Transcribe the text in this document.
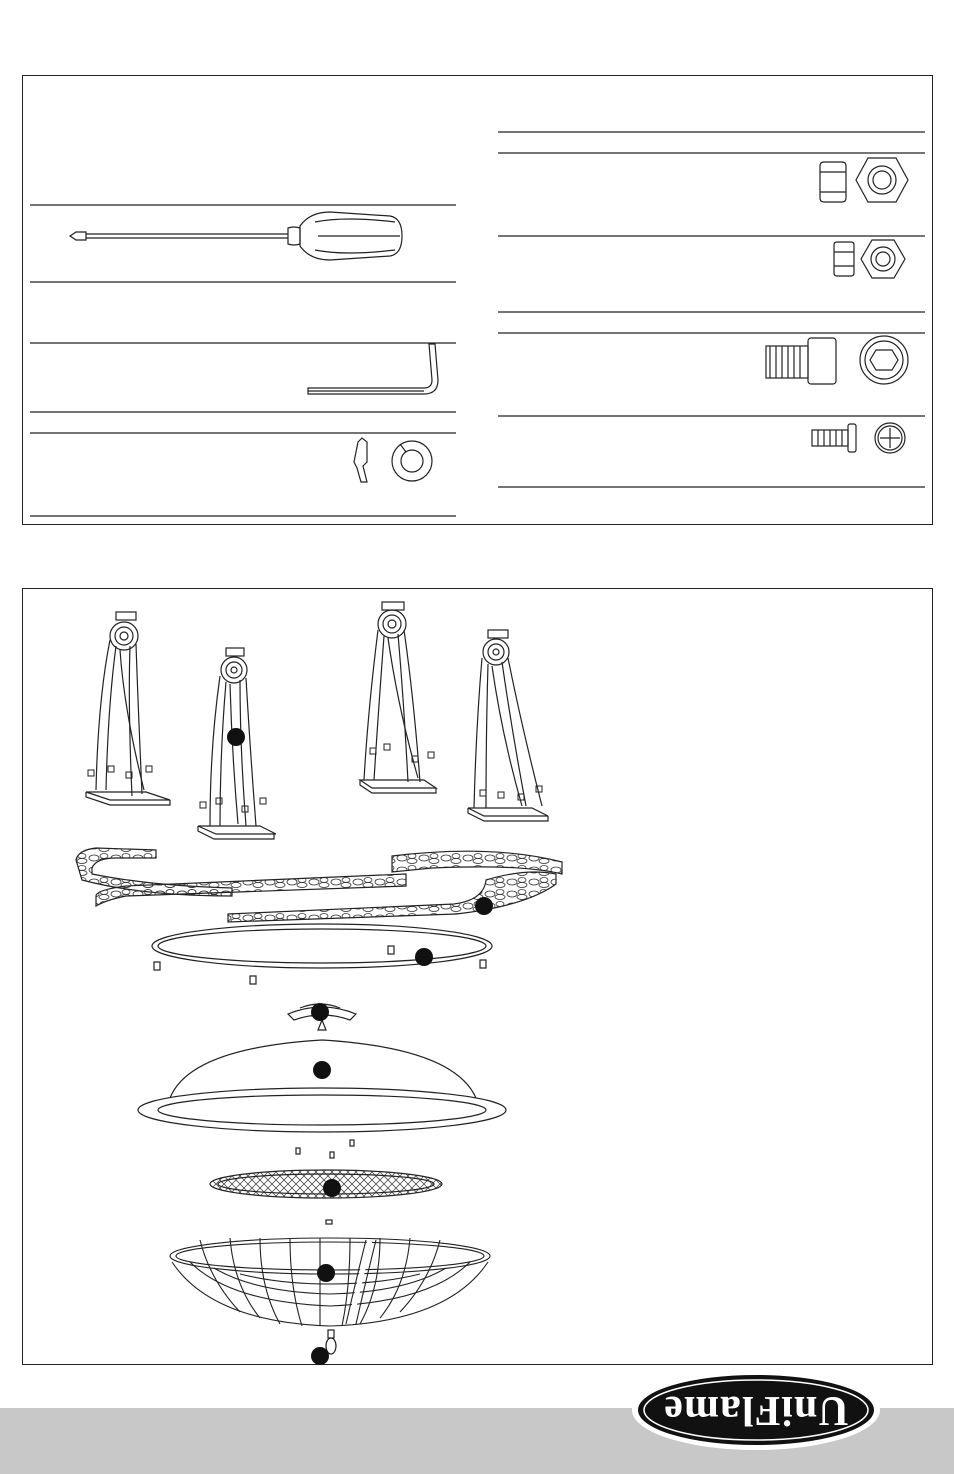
UniFlame
